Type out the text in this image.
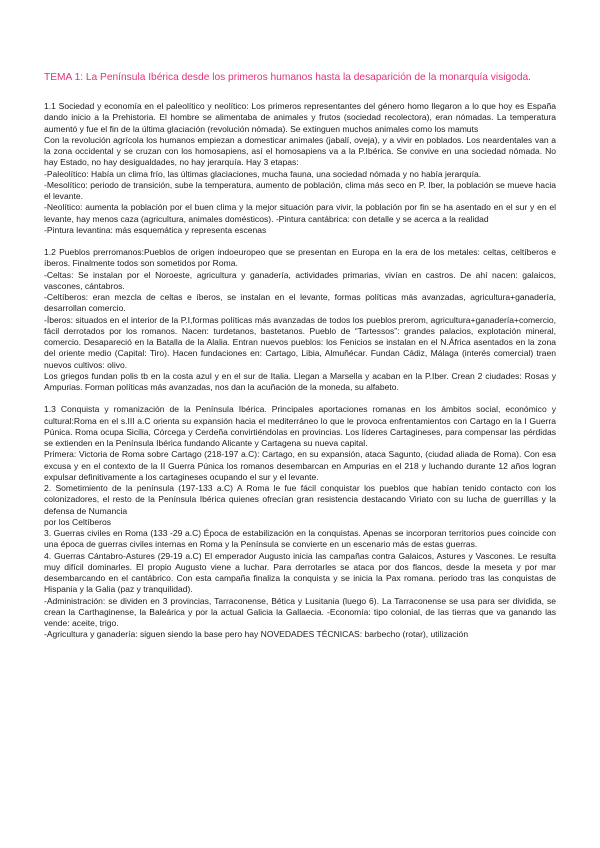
TEMA 1: La Península Ibérica desde los primeros humanos hasta la desaparición de la monarquía visigoda.

1.1 Sociedad y economía en el paleolítico y neolítico: Los primeros representantes del género homo llegaron a lo que hoy es España dando inicio a la Prehistoria. El hombre se alimentaba de animales y frutos (sociedad recolectora), eran nómadas. La temperatura aumentó y fue el fin de la última glaciación (revolución nómada). Se extinguen muchos animales como los mamuts

Con la revolución agrícola los humanos empiezan a domesticar animales (jabalí, oveja), y a vivir en poblados. Los neardentales van a la zona occidental y se cruzan con los homosapiens, así el homosapiens va a la P.Ibérica. Se convive en una sociedad nómada. No hay Estado, no hay desigualdades, no hay jerarquía. Hay 3 etapas:

-Paleolítico: Había un clima frío, las últimas glaciaciones, mucha fauna, una sociedad nómada y no había jerarquía.

-Mesolítico: periodo de transición, sube la temperatura, aumento de población, clima más seco en P. Iber, la población se mueve hacia el levante.

-Neolítico: aumenta la población por el buen clima y la mejor situación para vivir, la población por fin se ha asentado en el sur y en el levante, hay menos caza (agricultura, animales domésticos). -Pintura cantábrica: con detalle y se acerca a la realidad

-Pintura levantina: más esquemática y representa escenas

1.2 Pueblos prerromanos:Pueblos de origen indoeuropeo que se presentan en Europa en la era de los metales: celtas, celtíberos e íberos. Finalmente todos son sometidos por Roma.

-Celtas: Se instalan por el Noroeste, agricultura y ganadería, actividades primarias, vivían en castros. De ahí nacen: galaicos, vascones, cántabros.

-Celtíberos: eran mezcla de celtas e íberos, se instalan en el levante, formas políticas más avanzadas, agricultura+ganadería, desarrollan comercio.

-Íberos: situados en el interior de la P.I,formas políticas más avanzadas de todos los pueblos prerom, agricultura+ganadería+comercio, fácil derrotados por los romanos. Nacen: turdetanos, bastetanos. Pueblo de “Tartessos”: grandes palacios, explotación mineral, comercio. Desapareció en la Batalla de la Alalia. Entran nuevos pueblos: los Fenicios se instalan en el N.África asentados en la zona del oriente medio (Capital: Tiro). Hacen fundaciones en: Cartago, Libia, Almuñécar. Fundan Cádiz, Málaga (interés comercial) traen nuevos cultivos: olivo.

Los griegos fundan polis tb en la costa azul y en el sur de Italia. Llegan a Marsella y acaban en la P.Iber. Crean 2 ciudades: Rosas y Ampurias. Forman políticas más avanzadas, nos dan la acuñación de la moneda, su alfabeto.

1.3 Conquista y romanización de la Península Ibérica. Principales aportaciones romanas en los ámbitos social, económico y cultural:Roma en el s.III a.C orienta su expansión hacia el mediterráneo lo que le provoca enfrentamientos con Cartago en la I Guerra Púnica. Roma ocupa Sicilia, Córcega y Cerdeña convirtiéndolas en provincias. Los líderes Cartagineses, para compensar las pérdidas se extienden en la Península Ibérica fundando Alicante y Cartagena su nueva capital.

Primera: Victoria de Roma sobre Cartago (218-197 a.C): Cartago, en su expansión, ataca Sagunto, (ciudad aliada de Roma). Con esa excusa y en el contexto de la II Guerra Púnica los romanos desembarcan en Ampurias en el 218 y luchando durante 12 años logran expulsar definitivamente a los cartagineses ocupando el sur y el levante.

2. Sometimiento de la península (197-133 a.C) A Roma le fue fácil conquistar los pueblos que habían tenido contacto con los colonizadores, el resto de la Península Ibérica quienes ofrecían gran resistencia destacando Viriato con su lucha de guerrillas y la defensa de Numancia

por los Celtíberos

3. Guerras civiles en Roma (133 -29 a.C) Época de estabilización en la conquistas. Apenas se incorporan territorios pues coincide con una época de guerras civiles internas en Roma y la Península se convierte en un escenario más de estas guerras.

4. Guerras Cántabro-Astures (29-19 a.C) El emperador Augusto inicia las campañas contra Galaicos, Astures y Vascones. Le resulta muy difícil dominarles. El propio Augusto viene a luchar. Para derrotarles se ataca por dos flancos, desde la meseta y por mar desembarcando en el cantábrico. Con esta campaña finaliza la conquista y se inicia la Pax romana. periodo tras las conquistas de Hispania y la Galia (paz y tranquilidad).

-Administración: se dividen en 3 provincias, Tarraconense, Bética y Lusitania (luego 6). La Tarraconense se usa para ser dividida, se crean la Carthaginense, la Baleárica y por la actual Galicia la Gallaecia. -Economía: tipo colonial, de las tierras que va ganando las vende: aceite, trigo.

-Agricultura y ganadería: siguen siendo la base pero hay NOVEDADES TÉCNICAS: barbecho (rotar), utilización
